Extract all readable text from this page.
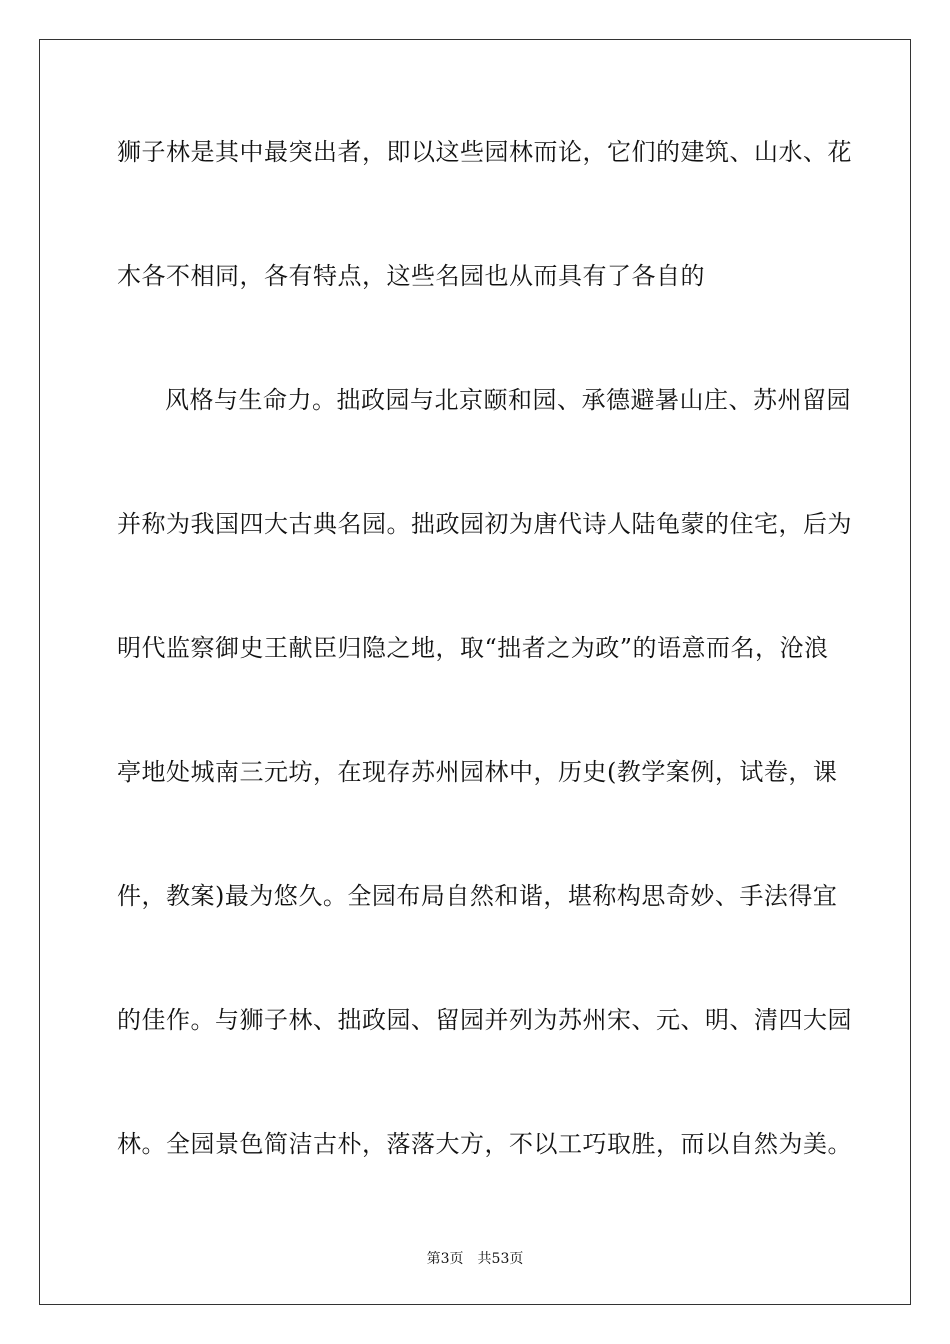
狮子林是其中最突出者，即以这些园林而论，它们的建筑、山水、花
木各不相同，各有特点，这些名园也从而具有了各自的
风格与生命力。拙政园与北京颐和园、承德避暑山庄、苏州留园
并称为我国四大古典名园。拙政园初为唐代诗人陆龟蒙的住宅，后为
明代监察御史王献臣归隐之地，取“拙者之为政”的语意而名，沧浪
亭地处城南三元坊，在现存苏州园林中，历史(教学案例，试卷，课
件，教案)最为悠久。全园布局自然和谐，堪称构思奇妙、手法得宜
的佳作。与狮子林、拙政园、留园并列为苏州宋、元、明、清四大园
林。全园景色简洁古朴，落落大方，不以工巧取胜，而以自然为美。
第3页 共53页
